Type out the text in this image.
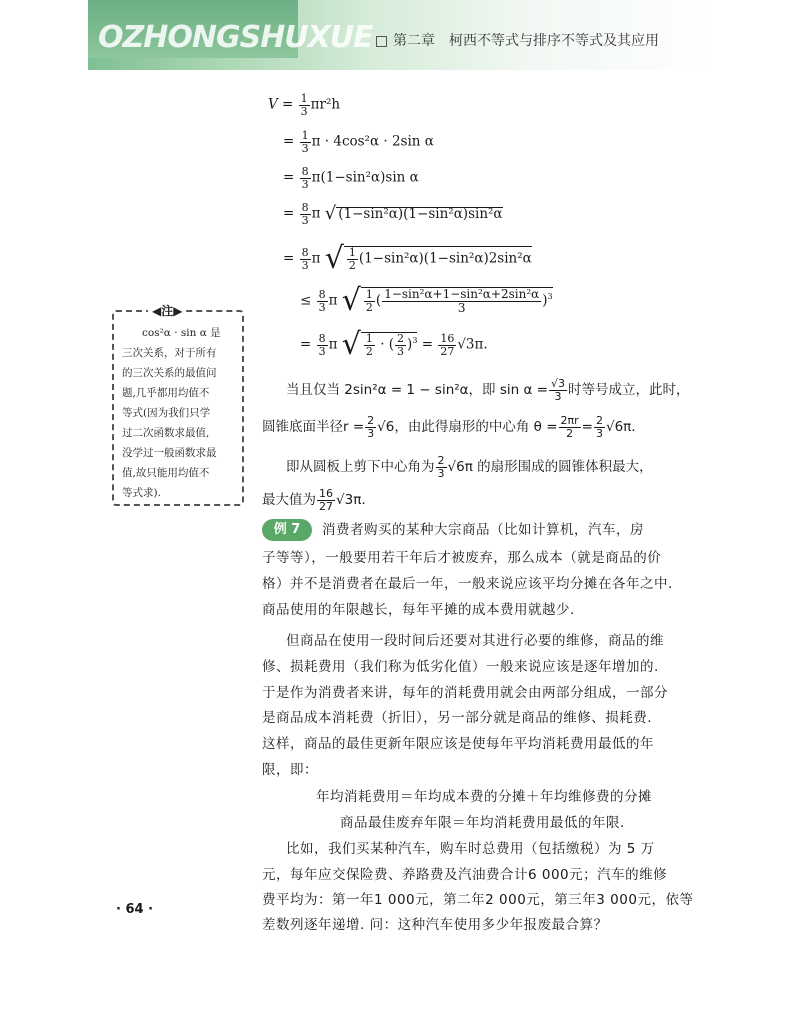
OZHONGSHUXUE	第二章　柯西不等式与排序不等式及其应用
$V = \frac{1}{3} \pi r^2h$
= $\frac{1}{3}$ π · 4cos²α · 2sin α
= $\frac{8}{3} \pi(1-\sin^2\alpha)\sin$ α
= $\frac{8}{3}$ π √ (1−sin²α)(1−sin²α)sin²α
= $\frac{8}{3}$ π √ $\frac{1}{2} (1-\sin^2\alpha)(1-\sin^2\alpha)2\sin^2\alpha$
≤ $\frac{8}{3}$ π √ $\frac{1}{2}$ ( $\frac{\text{1−sin²α+1−sin²α+2sin²α}}{3} )^3$
= $\frac{8}{3}$ π √ $\frac{1}{2}$ · ( $\frac{2}{3} )^3 = \frac{16}{27} √3\pi$.
◀注▶
cos²α · sin α 是
三次关系，对于所有
的三次关系的最值问
题,几乎都用均值不
等式(因为我们只学
过二次函数求最值,
没学过一般函数求最
值,故只能用均值不
等式求).
当且仅当 2sin²α = 1 − sin²α，即 $\sin \alpha = \frac{√3}{3}$ 时等号成立，此时，
圆锥底面半径$r = \frac{2}{3} √6$，由此得扇形的中心角 $\theta = \frac{2\pi r}{2} = \frac{2}{3} √6\pi$.
即从圆板上剪下中心角为 $\frac{2}{3} √6\pi$ 的扇形围成的圆锥体积最大，
最大值为 $\frac{16}{27} √3\pi$.
例 7	消费者购买的某种大宗商品（比如计算机，汽车，房
子等等），一般要用若干年后才被废弃，那么成本（就是商品的价
格）并不是消费者在最后一年，一般来说应该平均分摊在各年之中.
商品使用的年限越长，每年平摊的成本费用就越少.
但商品在使用一段时间后还要对其进行必要的维修，商品的维
修、损耗费用（我们称为低劣化值）一般来说应该是逐年增加的.
于是作为消费者来讲，每年的消耗费用就会由两部分组成，一部分
是商品成本消耗费（折旧），另一部分就是商品的维修、损耗费.
这样，商品的最佳更新年限应该是使每年平均消耗费用最低的年
限，即：
年均消耗费用＝年均成本费的分摊＋年均维修费的分摊
商品最佳废弃年限＝年均消耗费用最低的年限.
比如，我们买某种汽车，购车时总费用（包括缴税）为 5 万
元，每年应交保险费、养路费及汽油费合计6 000元；汽车的维修
费平均为：第一年1 000元，第二年2 000元，第三年3 000元，依等
差数列逐年递增. 问：这种汽车使用多少年报废最合算？
· 64 ·
